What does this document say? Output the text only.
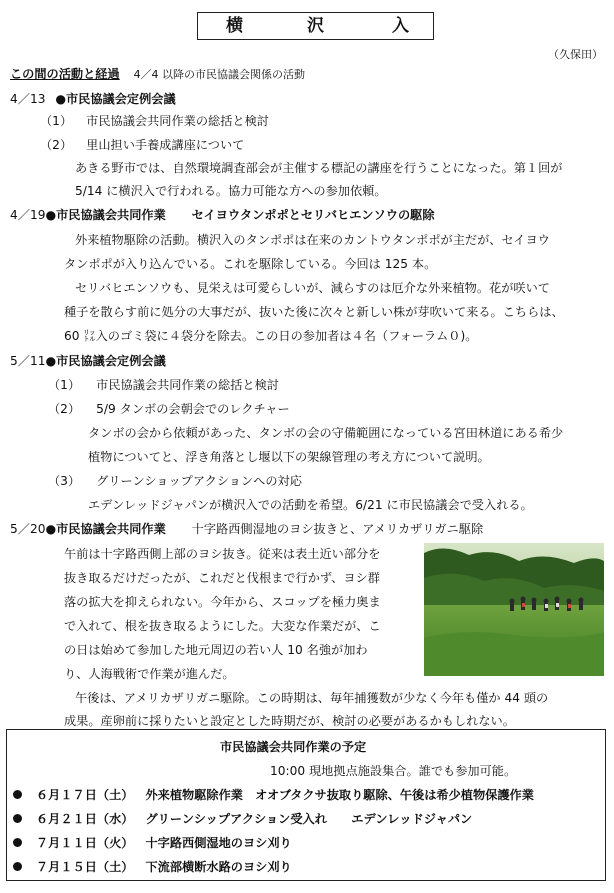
横	沢	入
（久保田）
この間の活動と経過 4／4 以降の市民協議会関係の活動
4／13 ●市民協議会定例会議
（1） 市民協議会共同作業の総括と検討
（2） 里山担い手養成講座について
あきる野市では、自然環境調査部会が主催する標記の講座を行うことになった。第１回が
5/14 に横沢入で行われる。協力可能な方への参加依頼。
4／19●市民協議会共同作業 セイヨウタンポポとセリバヒエンソウの駆除
外来植物駆除の活動。横沢入のタンポポは在来のカントウタンポポが主だが、セイヨウ
タンポポが入り込んでいる。これを駆除している。今回は 125 本。
セリバヒエンソウも、見栄えは可愛らしいが、減らすのは厄介な外来植物。花が咲いて
種子を散らす前に処分の大事だが、抜いた後に次々と新しい株が芽吹いて来る。こちらは、
60 ㍑入のゴミ袋に４袋分を除去。この日の参加者は４名（フォーラム０)。
5／11●市民協議会定例会議
（1） 市民協議会共同作業の総括と検討
（2） 5/9 タンボの会朝会でのレクチャー
タンボの会から依頼があった、タンボの会の守備範囲になっている宮田林道にある希少
植物についてと、浮き角落とし堰以下の架線管理の考え方について説明。
（3） グリーンショップアクションへの対応
エデンレッドジャパンが横沢入での活動を希望。6/21 に市民協議会で受入れる。
5／20●市民協議会共同作業 十字路西側湿地のヨシ抜きと、アメリカザリガニ駆除
午前は十字路西側上部のヨシ抜き。従来は表土近い部分を
抜き取るだけだったが、これだと伐根まで行かず、ヨシ群
落の拡大を抑えられない。今年から、スコップを極力奥ま
で入れて、根を抜き取るようにした。大変な作業だが、こ
の日は始めて参加した地元周辺の若い人 10 名強が加わ
り、人海戦術で作業が進んだ。
午後は、アメリカザリガニ駆除。この時期は、毎年捕獲数が少なく今年も僅か 44 頭の
成果。産卵前に採りたいと設定とした時期だが、検討の必要があるかもしれない。
市民協議会共同作業の予定
10:00 現地拠点施設集合。誰でも参加可能。
６月１７日（土） 外来植物駆除作業　オオブタクサ抜取り駆除、午後は希少植物保護作業
６月２１日（水） グリーンシップアクション受入れ　　エデンレッドジャパン
７月１１日（火） 十字路西側湿地のヨシ刈り
７月１５日（土） 下流部横断水路のヨシ刈り
